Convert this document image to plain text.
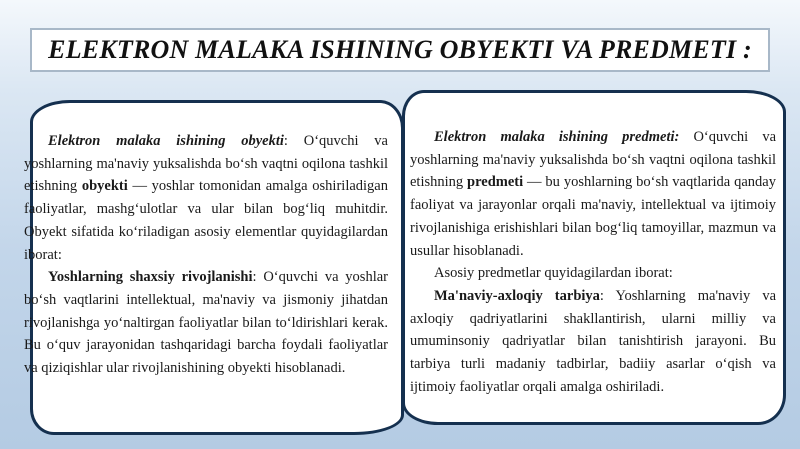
ELEKTRON MALAKA ISHINING OBYEKTI VA PREDMETI :

Elektron malaka ishining obyekti: O‘quvchi va yoshlarning ma'naviy yuksalishda bo‘sh vaqtni oqilona tashkil etishning obyekti — yoshlar tomonidan amalga oshiriladigan faoliyatlar, mashg‘ulotlar va ular bilan bog‘liq muhitdir. Obyekt sifatida ko‘riladigan asosiy elementlar quyidagilardan iborat:

Yoshlarning shaxsiy rivojlanishi: O‘quvchi va yoshlar bo‘sh vaqtlarini intellektual, ma'naviy va jismoniy jihatdan rivojlanishga yo‘naltirgan faoliyatlar bilan to‘ldirishlari kerak. Bu o‘quv jarayonidan tashqaridagi barcha foydali faoliyatlar va qiziqishlar ular rivojlanishining obyekti hisoblanadi.

Elektron malaka ishining predmeti: O‘quvchi va yoshlarning ma'naviy yuksalishda bo‘sh vaqtni oqilona tashkil etishning predmeti — bu yoshlarning bo‘sh vaqtlarida qanday faoliyat va jarayonlar orqali ma'naviy, intellektual va ijtimoiy rivojlanishiga erishishlari bilan bog‘liq tamoyillar, mazmun va usullar hisoblanadi.

Asosiy predmetlar quyidagilardan iborat:

Ma'naviy-axloqiy tarbiya: Yoshlarning ma'naviy va axloqiy qadriyatlarini shakllantirish, ularni milliy va umuminsoniy qadriyatlar bilan tanishtirish jarayoni. Bu tarbiya turli madaniy tadbirlar, badiiy asarlar o‘qish va ijtimoiy faoliyatlar orqali amalga oshiriladi.
